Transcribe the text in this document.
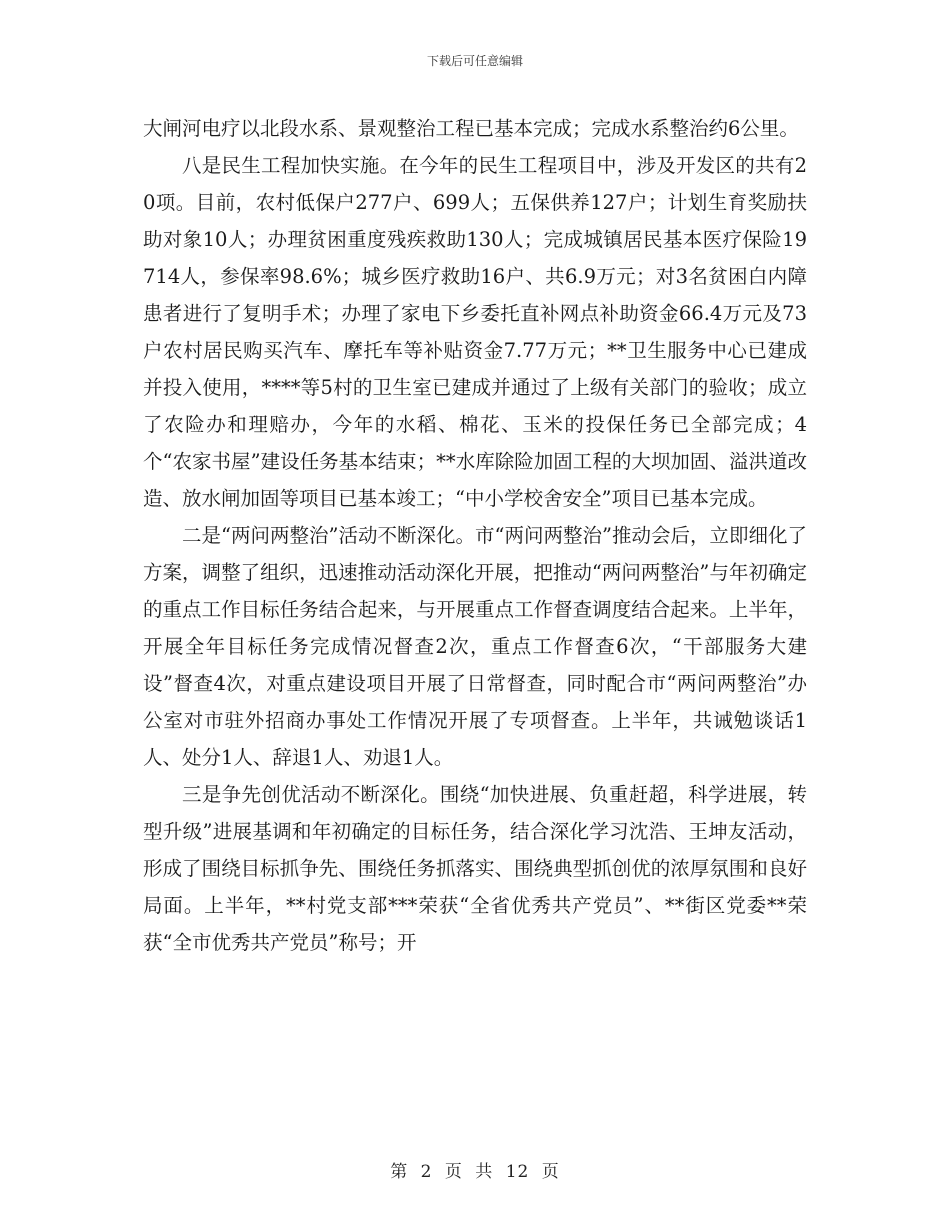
下载后可任意编辑

大闸河电疗以北段水系、景观整治工程已基本完成；完成水系整治约6公里。

八是民生工程加快实施。在今年的民生工程项目中，涉及开发区的共有20项。目前，农村低保户277户、699人；五保供养127户；计划生育奖励扶助对象10人；办理贫困重度残疾救助130人；完成城镇居民基本医疗保险19714人，参保率98.6%；城乡医疗救助16户、共6.9万元；对3名贫困白内障患者进行了复明手术；办理了家电下乡委托直补网点补助资金66.4万元及73户农村居民购买汽车、摩托车等补贴资金7.77万元；**卫生服务中心已建成并投入使用，****等5村的卫生室已建成并通过了上级有关部门的验收；成立了农险办和理赔办，今年的水稻、棉花、玉米的投保任务已全部完成；4个“农家书屋”建设任务基本结束；**水库除险加固工程的大坝加固、溢洪道改造、放水闸加固等项目已基本竣工；“中小学校舍安全”项目已基本完成。

二是“两问两整治”活动不断深化。市“两问两整治”推动会后，立即细化了方案，调整了组织，迅速推动活动深化开展，把推动“两问两整治”与年初确定的重点工作目标任务结合起来，与开展重点工作督查调度结合起来。上半年，开展全年目标任务完成情况督查2次，重点工作督查6次，“干部服务大建设”督查4次，对重点建设项目开展了日常督查，同时配合市“两问两整治”办公室对市驻外招商办事处工作情况开展了专项督查。上半年，共诫勉谈话1人、处分1人、辞退1人、劝退1人。

三是争先创优活动不断深化。围绕“加快进展、负重赶超，科学进展，转型升级”进展基调和年初确定的目标任务，结合深化学习沈浩、王坤友活动，形成了围绕目标抓争先、围绕任务抓落实、围绕典型抓创优的浓厚氛围和良好局面。上半年，**村党支部***荣获“全省优秀共产党员”、**街区党委**荣获“全市优秀共产党员”称号；开

第 2 页 共 12 页
